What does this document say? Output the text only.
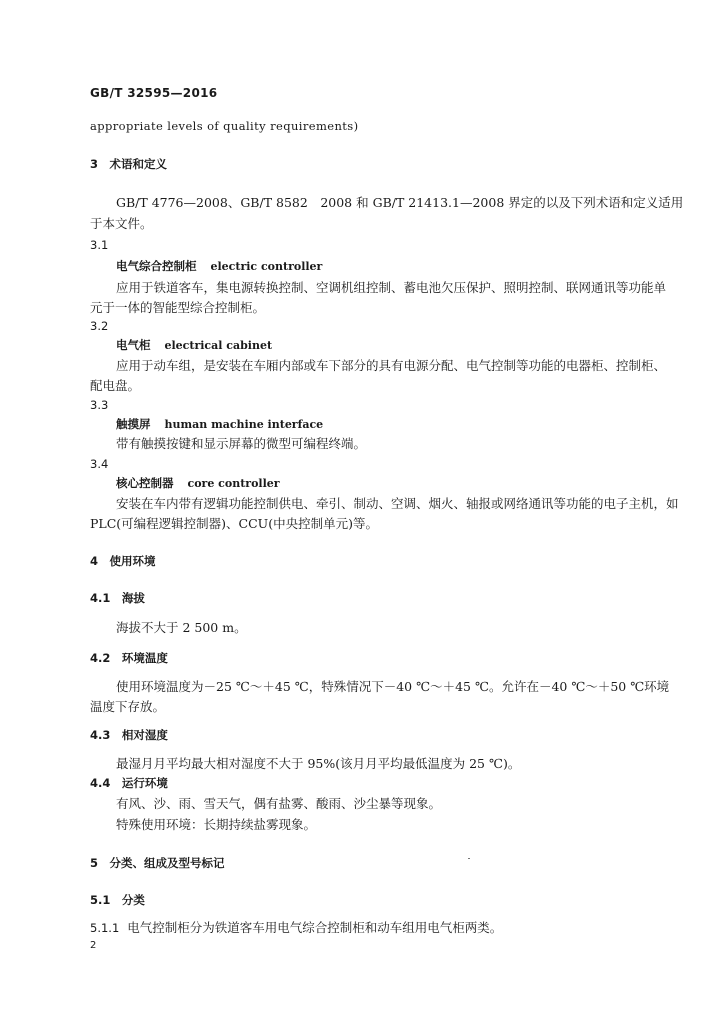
GB/T 32595—2016
appropriate levels of quality requirements)
3　术语和定义
GB/T 4776—2008、GB/T 8582　2008 和 GB/T 21413.1—2008 界定的以及下列术语和定义适用
于本文件。
3.1
电气综合控制柜 electric controller
应用于铁道客车，集电源转换控制、空调机组控制、蓄电池欠压保护、照明控制、联网通讯等功能单
元于一体的智能型综合控制柜。
3.2
电气柜 electrical cabinet
应用于动车组，是安装在车厢内部或车下部分的具有电源分配、电气控制等功能的电器柜、控制柜、
配电盘。
3.3
触摸屏 human machine interface
带有触摸按键和显示屏幕的微型可编程终端。
3.4
核心控制器 core controller
安装在车内带有逻辑功能控制供电、牵引、制动、空调、烟火、轴报或网络通讯等功能的电子主机，如
PLC(可编程逻辑控制器)、CCU(中央控制单元)等。
4　使用环境
4.1　海拔
海拔不大于 2 500 m。
4.2　环境温度
使用环境温度为－25 ℃～＋45 ℃，特殊情况下－40 ℃～＋45 ℃。允许在－40 ℃～＋50 ℃环境
温度下存放。
4.3　相对湿度
最湿月月平均最大相对湿度不大于 95%(该月月平均最低温度为 25 ℃)。
4.4　运行环境
有风、沙、雨、雪天气，偶有盐雾、酸雨、沙尘暴等现象。
特殊使用环境：长期持续盐雾现象。
5　分类、组成及型号标记
5.1　分类
5.1.1 电气控制柜分为铁道客车用电气综合控制柜和动车组用电气柜两类。
2
